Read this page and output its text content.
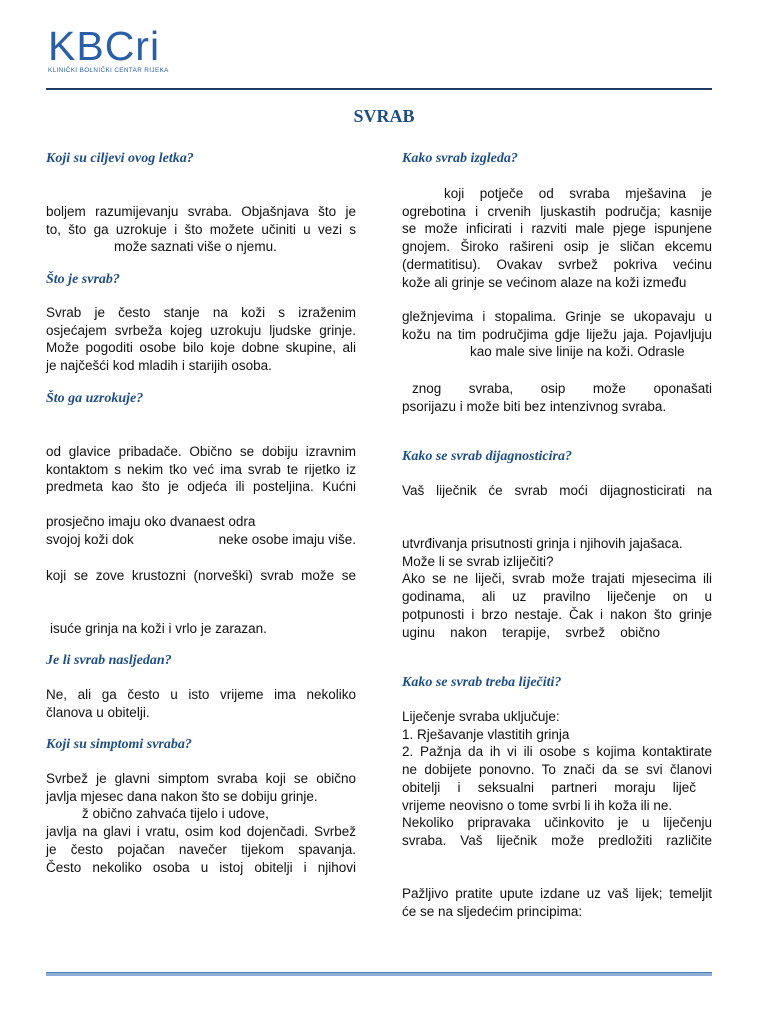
KBCri
KLINIČKI BOLNIČKI CENTAR RIJEKA
SVRAB
Koji su ciljevi ovog letka?
boljem razumijevanju svraba. Objašnjava što je
to, što ga uzrokuje i što možete učiniti u vezi s
može saznati više o njemu.
Što je svrab?
Svrab je često stanje na koži s izraženim
osjećajem svrbeža kojeg uzrokuju ljudske grinje.
Može pogoditi osobe bilo koje dobne skupine, ali
je najčešći kod mladih i starijih osoba.
Što ga uzrokuje?
od glavice pribadače. Obično se dobiju izravnim
kontaktom s nekim tko već ima svrab te rijetko iz
predmeta kao što je odjeća ili posteljina. Kućni
prosječno imaju oko dvanaest odra
svojoj koži dok	neke osobe imaju više.
koji se zove krustozni (norveški) svrab može se
isuće grinja na koži i vrlo je zarazan.
Je li svrab nasljedan?
Ne, ali ga često u isto vrijeme ima nekoliko
članova u obitelji.
Koji su simptomi svraba?
Svrbež je glavni simptom svraba koji se obično
javlja mjesec dana nakon što se dobiju grinje.
ž obično zahvaća tijelo i udove,
javlja na glavi i vratu, osim kod dojenčadi. Svrbež
je često pojačan navečer tijekom spavanja.
Često nekoliko osoba u istoj obitelji i njihovi
Kako svrab izgleda?
koji potječe od svraba mješavina je
ogrebotina i crvenih ljuskastih područja; kasnije
se može inficirati i razviti male pjege ispunjene
gnojem. Široko rašireni osip je sličan ekcemu
(dermatitisu). Ovakav svrbež pokriva većinu
kože ali grinje se većinom alaze na koži između
gležnjevima i stopalima. Grinje se ukopavaju u
kožu na tim područjima gdje liježu jaja. Pojavljuju
kao male sive linije na koži. Odrasle
znog svraba, osip može oponašati
psorijazu i može biti bez intenzivnog svraba.
Kako se svrab dijagnosticira?
Vaš liječnik će svrab moći dijagnosticirati na
utvrđivanja prisutnosti grinja i njihovih jajašaca.
Može li se svrab izliječiti?
Ako se ne liječi, svrab može trajati mjesecima ili
godinama, ali uz pravilno liječenje on u
potpunosti i brzo nestaje. Čak i nakon što grinje
uginu nakon terapije, svrbež obično
Kako se svrab treba liječiti?
Liječenje svraba uključuje:
1. Rješavanje vlastitih grinja
2. Pažnja da ih vi ili osobe s kojima kontaktirate
ne dobijete ponovno. To znači da se svi članovi
obitelji i seksualni partneri moraju liječ
vrijeme neovisno o tome svrbi li ih koža ili ne.
Nekoliko pripravaka učinkovito je u liječenju
svraba. Vaš liječnik može predložiti različite
Pažljivo pratite upute izdane uz vaš lijek; temeljit
će se na sljedećim principima:
